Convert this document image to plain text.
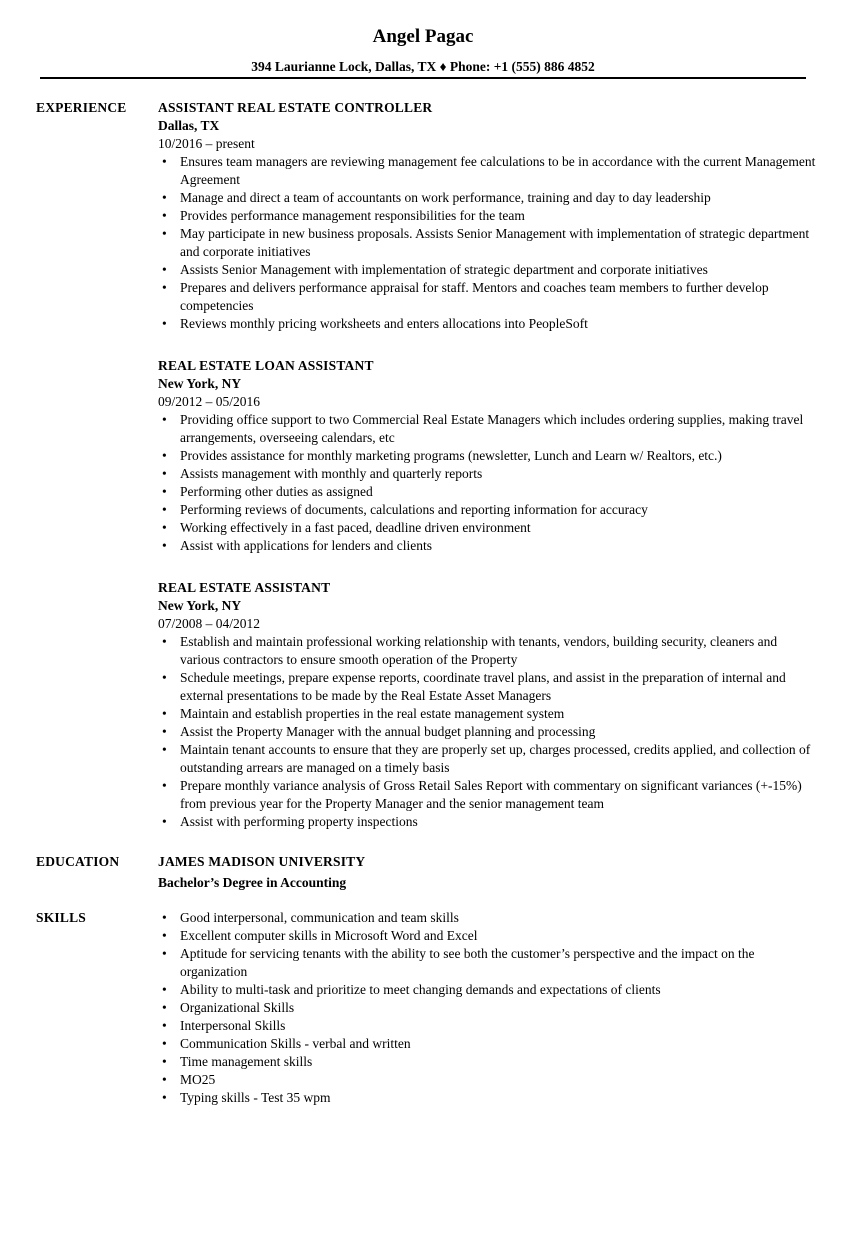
Angel Pagac
394 Laurianne Lock, Dallas, TX ♦ Phone: +1 (555) 886 4852
EXPERIENCE ASSISTANT REAL ESTATE CONTROLLER
Dallas, TX
10/2016 – present
• Ensures team managers are reviewing management fee calculations to be in accordance with the current Management Agreement
• Manage and direct a team of accountants on work performance, training and day to day leadership
• Provides performance management responsibilities for the team
• May participate in new business proposals. Assists Senior Management with implementation of strategic department and corporate initiatives
• Assists Senior Management with implementation of strategic department and corporate initiatives
• Prepares and delivers performance appraisal for staff. Mentors and coaches team members to further develop competencies
• Reviews monthly pricing worksheets and enters allocations into PeopleSoft
REAL ESTATE LOAN ASSISTANT
New York, NY
09/2012 – 05/2016
• Providing office support to two Commercial Real Estate Managers which includes ordering supplies, making travel arrangements, overseeing calendars, etc
• Provides assistance for monthly marketing programs (newsletter, Lunch and Learn w/ Realtors, etc.)
• Assists management with monthly and quarterly reports
• Performing other duties as assigned
• Performing reviews of documents, calculations and reporting information for accuracy
• Working effectively in a fast paced, deadline driven environment
• Assist with applications for lenders and clients
REAL ESTATE ASSISTANT
New York, NY
07/2008 – 04/2012
• Establish and maintain professional working relationship with tenants, vendors, building security, cleaners and various contractors to ensure smooth operation of the Property
• Schedule meetings, prepare expense reports, coordinate travel plans, and assist in the preparation of internal and external presentations to be made by the Real Estate Asset Managers
• Maintain and establish properties in the real estate management system
• Assist the Property Manager with the annual budget planning and processing
• Maintain tenant accounts to ensure that they are properly set up, charges processed, credits applied, and collection of outstanding arrears are managed on a timely basis
• Prepare monthly variance analysis of Gross Retail Sales Report with commentary on significant variances (+-15%) from previous year for the Property Manager and the senior management team
• Assist with performing property inspections
EDUCATION	JAMES MADISON UNIVERSITY
Bachelor’s Degree in Accounting
SKILLS
•	Good interpersonal, communication and team skills
• Excellent computer skills in Microsoft Word and Excel
• Aptitude for servicing tenants with the ability to see both the customer’s perspective and the impact on the organization
• Ability to multi-task and prioritize to meet changing demands and expectations of clients
• Organizational Skills
• Interpersonal Skills
• Communication Skills - verbal and written
• Time management skills
• MO25
• Typing skills - Test 35 wpm
